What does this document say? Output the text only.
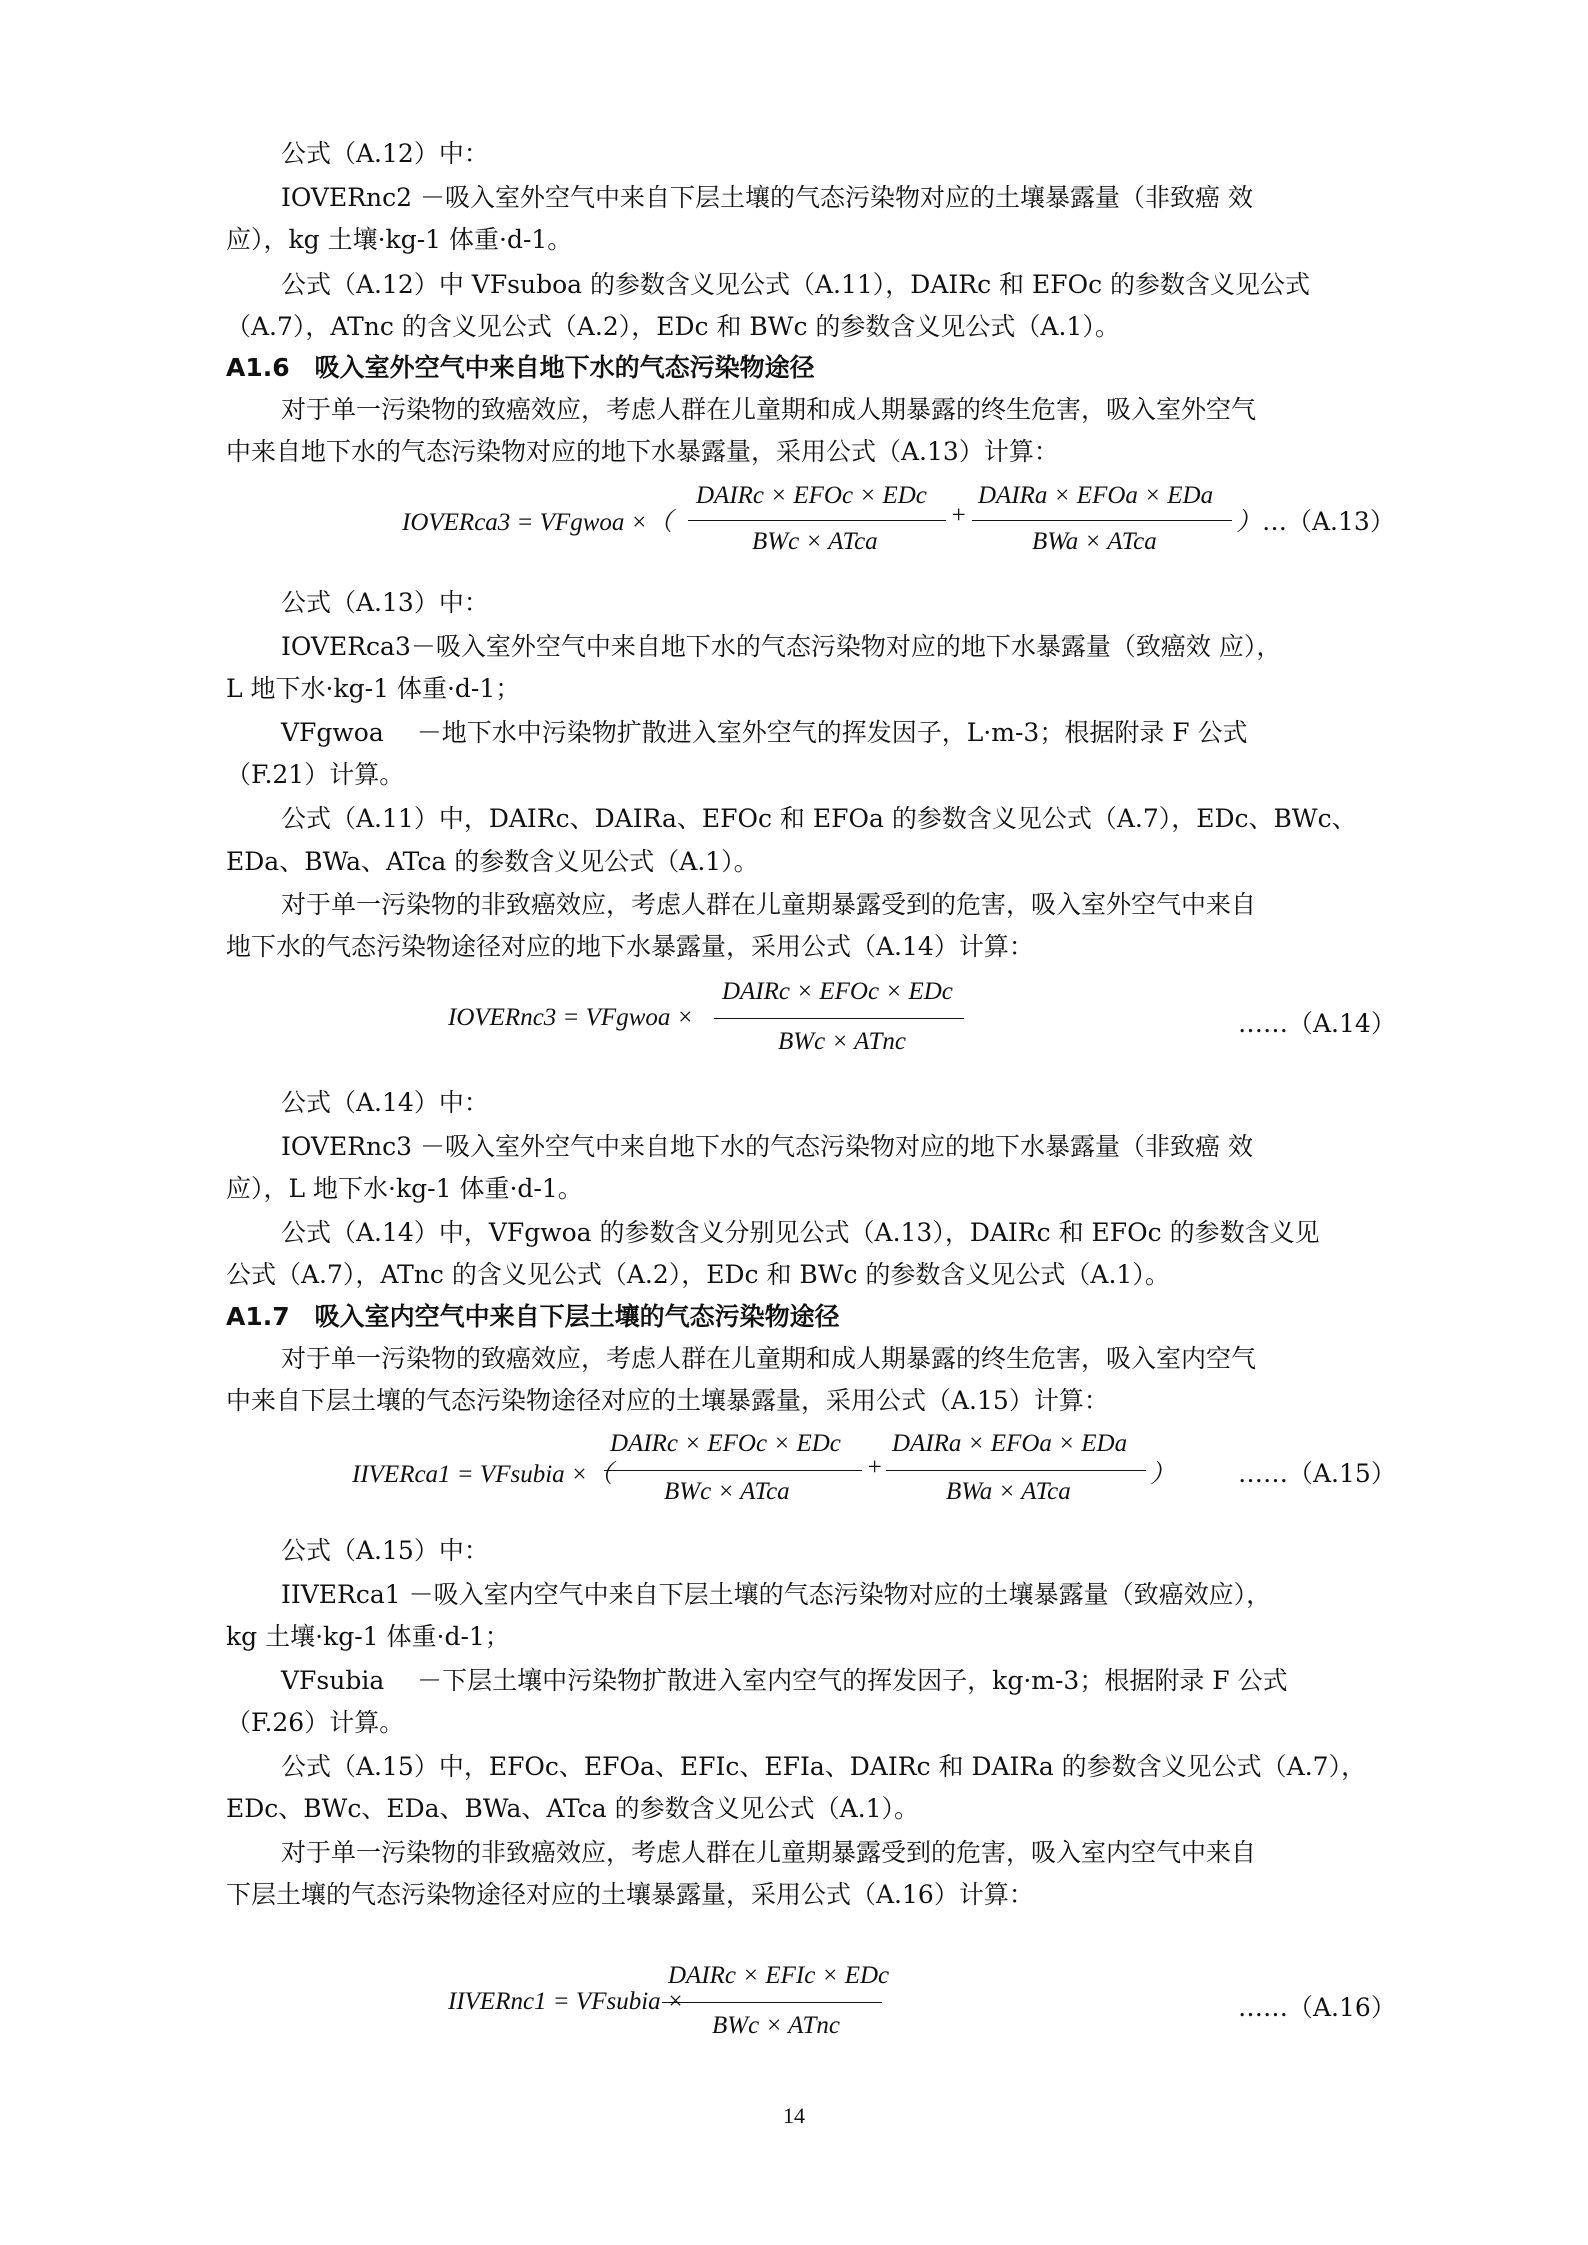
公式（A.12）中：
IOVERnc2 －吸入室外空气中来自下层土壤的气态污染物对应的土壤暴露量（非致癌 效
应），kg 土壤·kg-1 体重·d-1。
公式（A.12）中 VFsuboa 的参数含义见公式（A.11），DAIRc 和 EFOc 的参数含义见公式
（A.7），ATnc 的含义见公式（A.2），EDc 和 BWc 的参数含义见公式（A.1）。
A1.6　吸入室外空气中来自地下水的气态污染物途径
对于单一污染物的致癌效应，考虑人群在儿童期和成人期暴露的终生危害，吸入室外空气
中来自地下水的气态污染物对应的地下水暴露量，采用公式（A.13）计算：
IOVERca3 = VFgwoa ×（
DAIRc × EFOc × EDc
BWc × ATca
+
DAIRa × EFOa × EDa
BWa × ATca
） …（A.13）
公式（A.13）中：
IOVERca3－吸入室外空气中来自地下水的气态污染物对应的地下水暴露量（致癌效 应），
L 地下水·kg-1 体重·d-1；
VFgwoa　 －地下水中污染物扩散进入室外空气的挥发因子，L·m-3；根据附录 F 公式
（F.21）计算。
公式（A.11）中，DAIRc、DAIRa、EFOc 和 EFOa 的参数含义见公式（A.7），EDc、BWc、
EDa、BWa、ATca 的参数含义见公式（A.1）。
对于单一污染物的非致癌效应，考虑人群在儿童期暴露受到的危害，吸入室外空气中来自
地下水的气态污染物途径对应的地下水暴露量，采用公式（A.14）计算：
IOVERnc3 = VFgwoa ×
DAIRc × EFOc × EDc
BWc × ATnc
……（A.14）
公式（A.14）中：
IOVERnc3 －吸入室外空气中来自地下水的气态污染物对应的地下水暴露量（非致癌 效
应），L 地下水·kg-1 体重·d-1。
公式（A.14）中，VFgwoa 的参数含义分别见公式（A.13），DAIRc 和 EFOc 的参数含义见
公式（A.7），ATnc 的含义见公式（A.2），EDc 和 BWc 的参数含义见公式（A.1）。
A1.7　吸入室内空气中来自下层土壤的气态污染物途径
对于单一污染物的致癌效应，考虑人群在儿童期和成人期暴露的终生危害，吸入室内空气
中来自下层土壤的气态污染物途径对应的土壤暴露量，采用公式（A.15）计算：
IIVERca1 = VFsubia ×（
DAIRc × EFOc × EDc
BWc × ATca
+
DAIRa × EFOa × EDa
BWa × ATca
）	……（A.15）
公式（A.15）中：
IIVERca1 －吸入室内空气中来自下层土壤的气态污染物对应的土壤暴露量（致癌效应），
kg 土壤·kg-1 体重·d-1；
VFsubia　 －下层土壤中污染物扩散进入室内空气的挥发因子，kg·m-3；根据附录 F 公式
（F.26）计算。
公式（A.15）中，EFOc、EFOa、EFIc、EFIa、DAIRc 和 DAIRa 的参数含义见公式（A.7），
EDc、BWc、EDa、BWa、ATca 的参数含义见公式（A.1）。
对于单一污染物的非致癌效应，考虑人群在儿童期暴露受到的危害，吸入室内空气中来自
下层土壤的气态污染物途径对应的土壤暴露量，采用公式（A.16）计算：
IIVERnc1 = VFsubia ×
DAIRc × EFIc × EDc
BWc × ATnc
……（A.16）
14
